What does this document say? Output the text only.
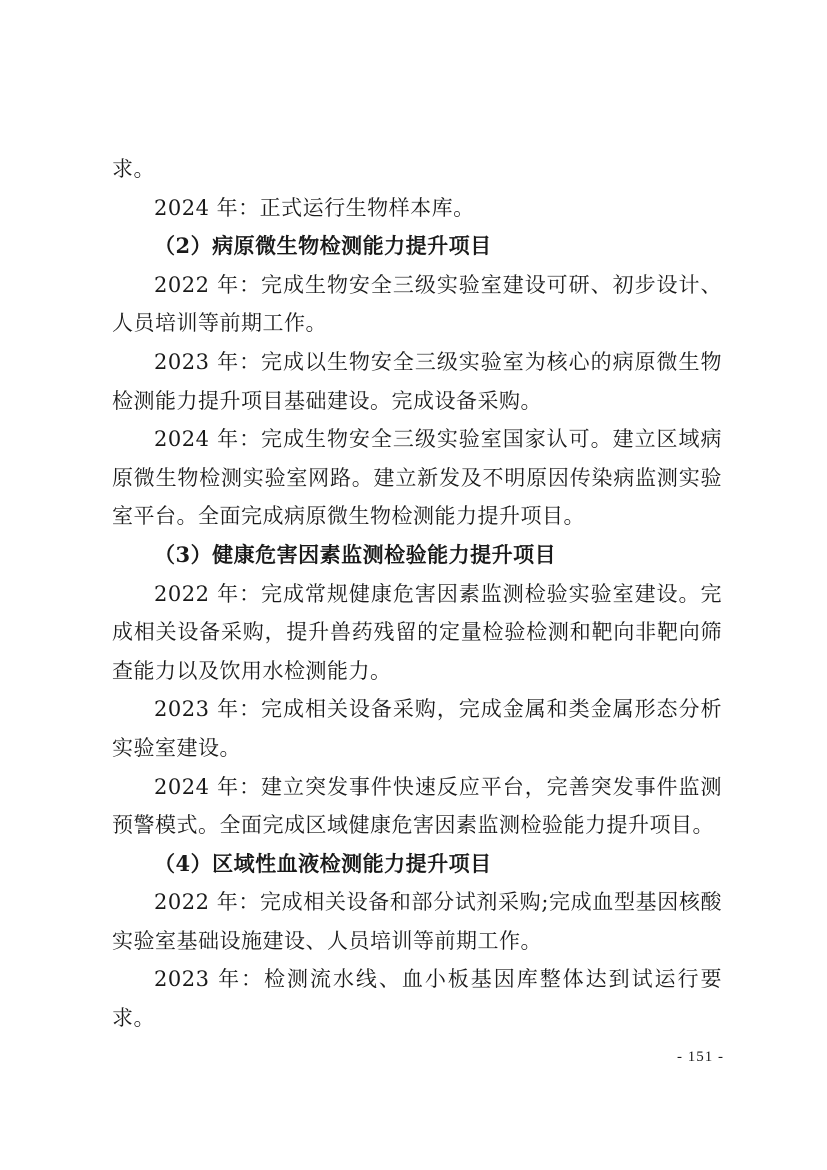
求。

2024 年：正式运行生物样本库。

（2）病原微生物检测能力提升项目

2022 年：完成生物安全三级实验室建设可研、初步设计、人员培训等前期工作。

2023 年：完成以生物安全三级实验室为核心的病原微生物检测能力提升项目基础建设。完成设备采购。

2024 年：完成生物安全三级实验室国家认可。建立区域病原微生物检测实验室网路。建立新发及不明原因传染病监测实验室平台。全面完成病原微生物检测能力提升项目。

（3）健康危害因素监测检验能力提升项目

2022 年：完成常规健康危害因素监测检验实验室建设。完成相关设备采购，提升兽药残留的定量检验检测和靶向非靶向筛查能力以及饮用水检测能力。

2023 年：完成相关设备采购，完成金属和类金属形态分析实验室建设。

2024 年：建立突发事件快速反应平台，完善突发事件监测预警模式。全面完成区域健康危害因素监测检验能力提升项目。

（4）区域性血液检测能力提升项目

2022 年：完成相关设备和部分试剂采购;完成血型基因核酸实验室基础设施建设、人员培训等前期工作。

2023 年：检测流水线、血小板基因库整体达到试运行要求。

- 151 -
